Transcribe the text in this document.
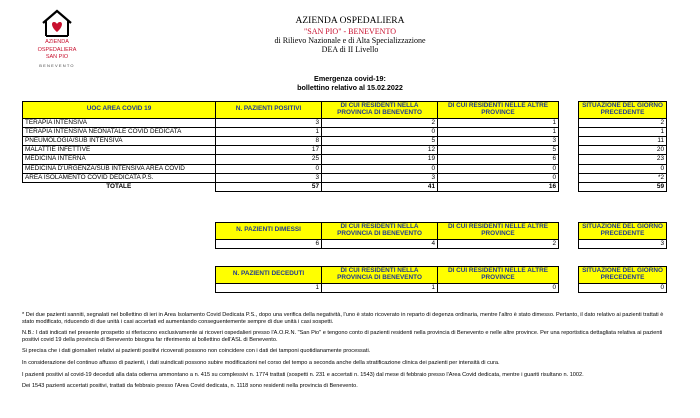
AZIENDA
OSPEDALIERA
SAN PIO
BENEVENTO
AZIENDA OSPEDALIERA
"SAN PIO" - BENEVENTO
di Rilievo Nazionale e di Alta Specializzazione
DEA di II Livello
Emergenza covid-19:
bollettino relativo al 15.02.2022
UOC AREA COVID 19	N. PAZIENTI POSITIVI	DI CUI RESIDENTI NELLA PROVINCIA DI BENEVENTO	DI CUI RESIDENTI NELLE ALTRE PROVINCE		SITUAZIONE DEL GIORNO PRECEDENTE
TERAPIA INTENSIVA	3	2	1		2
TERAPIA INTENSIVA NEONATALE COVID DEDICATA	1	0	1		1
PNEUMOLOGIA/SUB INTENSIVA	8	5	3		11
MALATTIE INFETTIVE	17	12	5		20
MEDICINA INTERNA	25	19	6		23
MEDICINA D'URGENZA/SUB INTENSIVA AREA COVID	0	0	0		0
AREA ISOLAMENTO COVID DEDICATA P.S.	3	3	0		*2
TOTALE	57	41	16		59
N. PAZIENTI DIMESSI	DI CUI RESIDENTI NELLA PROVINCIA DI BENEVENTO	DI CUI RESIDENTI NELLE ALTRE PROVINCE		SITUAZIONE DEL GIORNO PRECEDENTE
6	4	2		3
N. PAZIENTI DECEDUTI	DI CUI RESIDENTI NELLA PROVINCIA DI BENEVENTO	DI CUI RESIDENTI NELLE ALTRE PROVINCE		SITUAZIONE DEL GIORNO PRECEDENTE
1	1	0		0

* Dei due pazienti sanniti, segnalati nel bollettino di ieri in Area Isolamento Covid Dedicata P.S., dopo una verifica della negatività, l'uno è stato ricoverato in reparto di degenza ordinaria, mentre l'altro è stato dimesso. Pertanto, il dato relativo ai pazienti trattati è stato modificato, riducendo di due unità i casi accertati ed aumentando conseguentemente sempre di due unità i casi sospetti.

N.B.: I dati indicati nel presente prospetto si riferiscono esclusivamente ai ricoveri ospedalieri presso l'A.O.R.N. "San Pio" e tengono conto di pazienti residenti nella provincia di Benevento e nelle altre province. Per una reportistica dettagliata relativa ai pazienti positivi covid 19 della provincia di Benevento bisogna far riferimento al bollettino dell'ASL di Benevento.

Si precisa che i dati giornalieri relativi ai pazienti positivi ricoverati possono non coincidere con i dati dei tamponi quotidianamente processati.

In considerazione del continuo affusso di pazienti, i dati suindicati possono subire modificazioni nel corso del tempo a seconda anche della stratificazione clinica dei pazienti per intensità di cura.

I pazienti positivi al covid-19 deceduti alla data odierna ammontano a n. 415 su complessivi n. 1774 trattati (sospetti n. 231 e accertati n. 1543) dal mese di febbraio presso l'Area Covid dedicata, mentre i guariti risultano n. 1002.

Dei 1543 pazienti accertati positivi, trattati da febbraio presso l'Area Covid dedicata, n. 1118 sono residenti nella provincia di Benevento.
